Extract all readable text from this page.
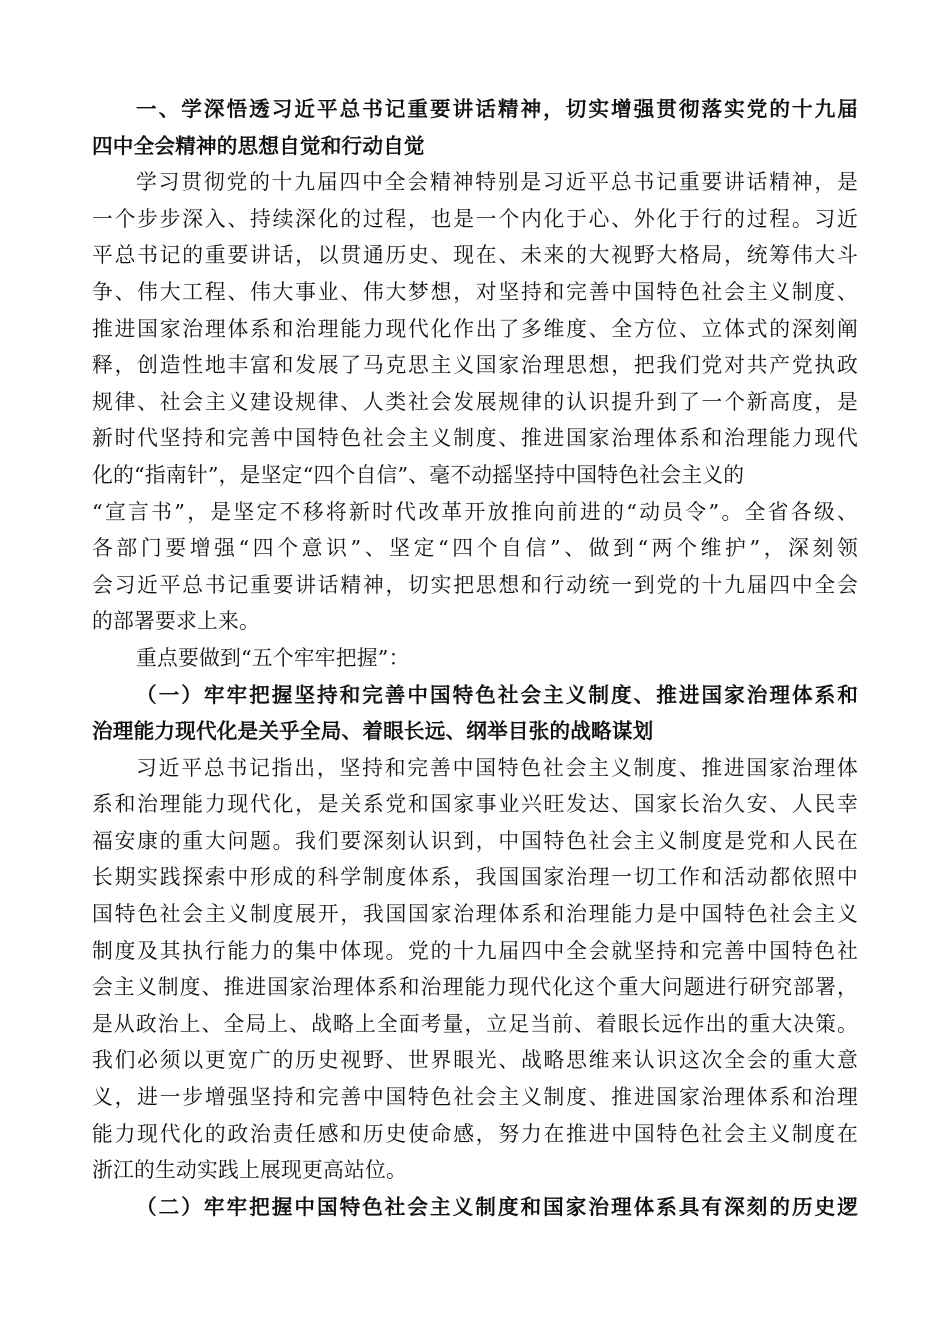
一、学深悟透习近平总书记重要讲话精神，切实增强贯彻落实党的十九届
四中全会精神的思想自觉和行动自觉

学习贯彻党的十九届四中全会精神特别是习近平总书记重要讲话精神，是
一个步步深入、持续深化的过程，也是一个内化于心、外化于行的过程。习近
平总书记的重要讲话，以贯通历史、现在、未来的大视野大格局，统筹伟大斗
争、伟大工程、伟大事业、伟大梦想，对坚持和完善中国特色社会主义制度、
推进国家治理体系和治理能力现代化作出了多维度、全方位、立体式的深刻阐
释，创造性地丰富和发展了马克思主义国家治理思想，把我们党对共产党执政
规律、社会主义建设规律、人类社会发展规律的认识提升到了一个新高度，是
新时代坚持和完善中国特色社会主义制度、推进国家治理体系和治理能力现代
化的“指南针”，是坚定“四个自信”、毫不动摇坚持中国特色社会主义的
“宣言书”，是坚定不移将新时代改革开放推向前进的“动员令”。全省各级、
各部门要增强“四个意识”、坚定“四个自信”、做到“两个维护”，深刻领
会习近平总书记重要讲话精神，切实把思想和行动统一到党的十九届四中全会
的部署要求上来。

重点要做到“五个牢牢把握”：

（一）牢牢把握坚持和完善中国特色社会主义制度、推进国家治理体系和
治理能力现代化是关乎全局、着眼长远、纲举目张的战略谋划

习近平总书记指出，坚持和完善中国特色社会主义制度、推进国家治理体
系和治理能力现代化，是关系党和国家事业兴旺发达、国家长治久安、人民幸
福安康的重大问题。我们要深刻认识到，中国特色社会主义制度是党和人民在
长期实践探索中形成的科学制度体系，我国国家治理一切工作和活动都依照中
国特色社会主义制度展开，我国国家治理体系和治理能力是中国特色社会主义
制度及其执行能力的集中体现。党的十九届四中全会就坚持和完善中国特色社
会主义制度、推进国家治理体系和治理能力现代化这个重大问题进行研究部署，
是从政治上、全局上、战略上全面考量，立足当前、着眼长远作出的重大决策。
我们必须以更宽广的历史视野、世界眼光、战略思维来认识这次全会的重大意
义，进一步增强坚持和完善中国特色社会主义制度、推进国家治理体系和治理
能力现代化的政治责任感和历史使命感，努力在推进中国特色社会主义制度在
浙江的生动实践上展现更高站位。

（二）牢牢把握中国特色社会主义制度和国家治理体系具有深刻的历史逻
